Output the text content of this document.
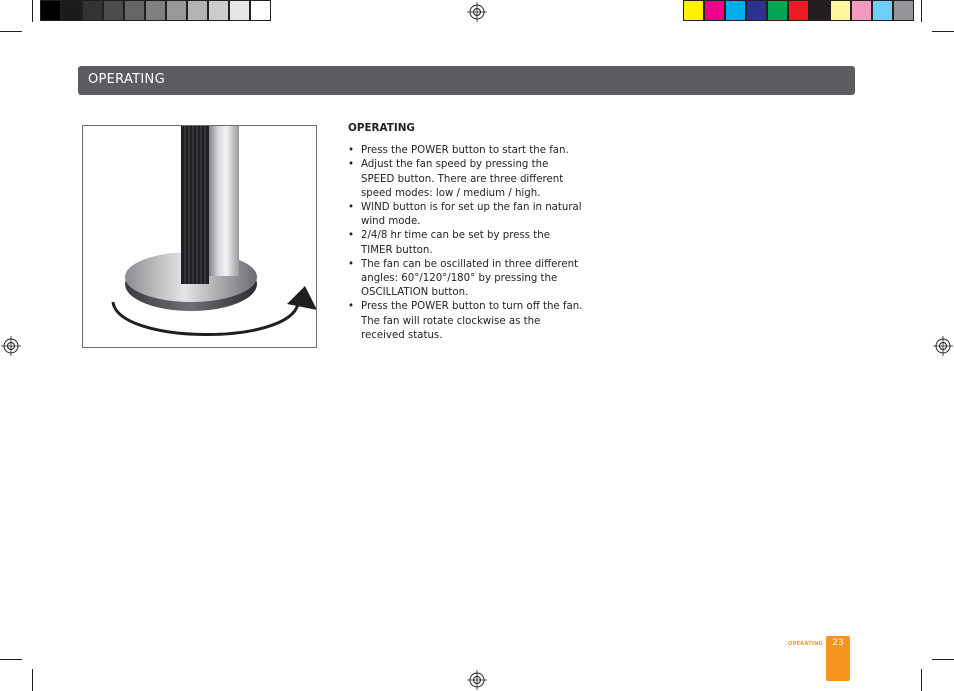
OPERATING
OPERATING
• Press the POWER button to start the fan.
• Adjust the fan speed by pressing the SPEED button. There are three different speed modes: low / medium / high.
• WIND button is for set up the fan in natural wind mode.
• 2/4/8 hr time can be set by press the TIMER button.
• The fan can be oscillated in three different angles: 60°/120°/180° by pressing the OSCILLATION button.
• Press the POWER button to turn off the fan. The fan will rotate clockwise as the received status.
OPERATING	23
